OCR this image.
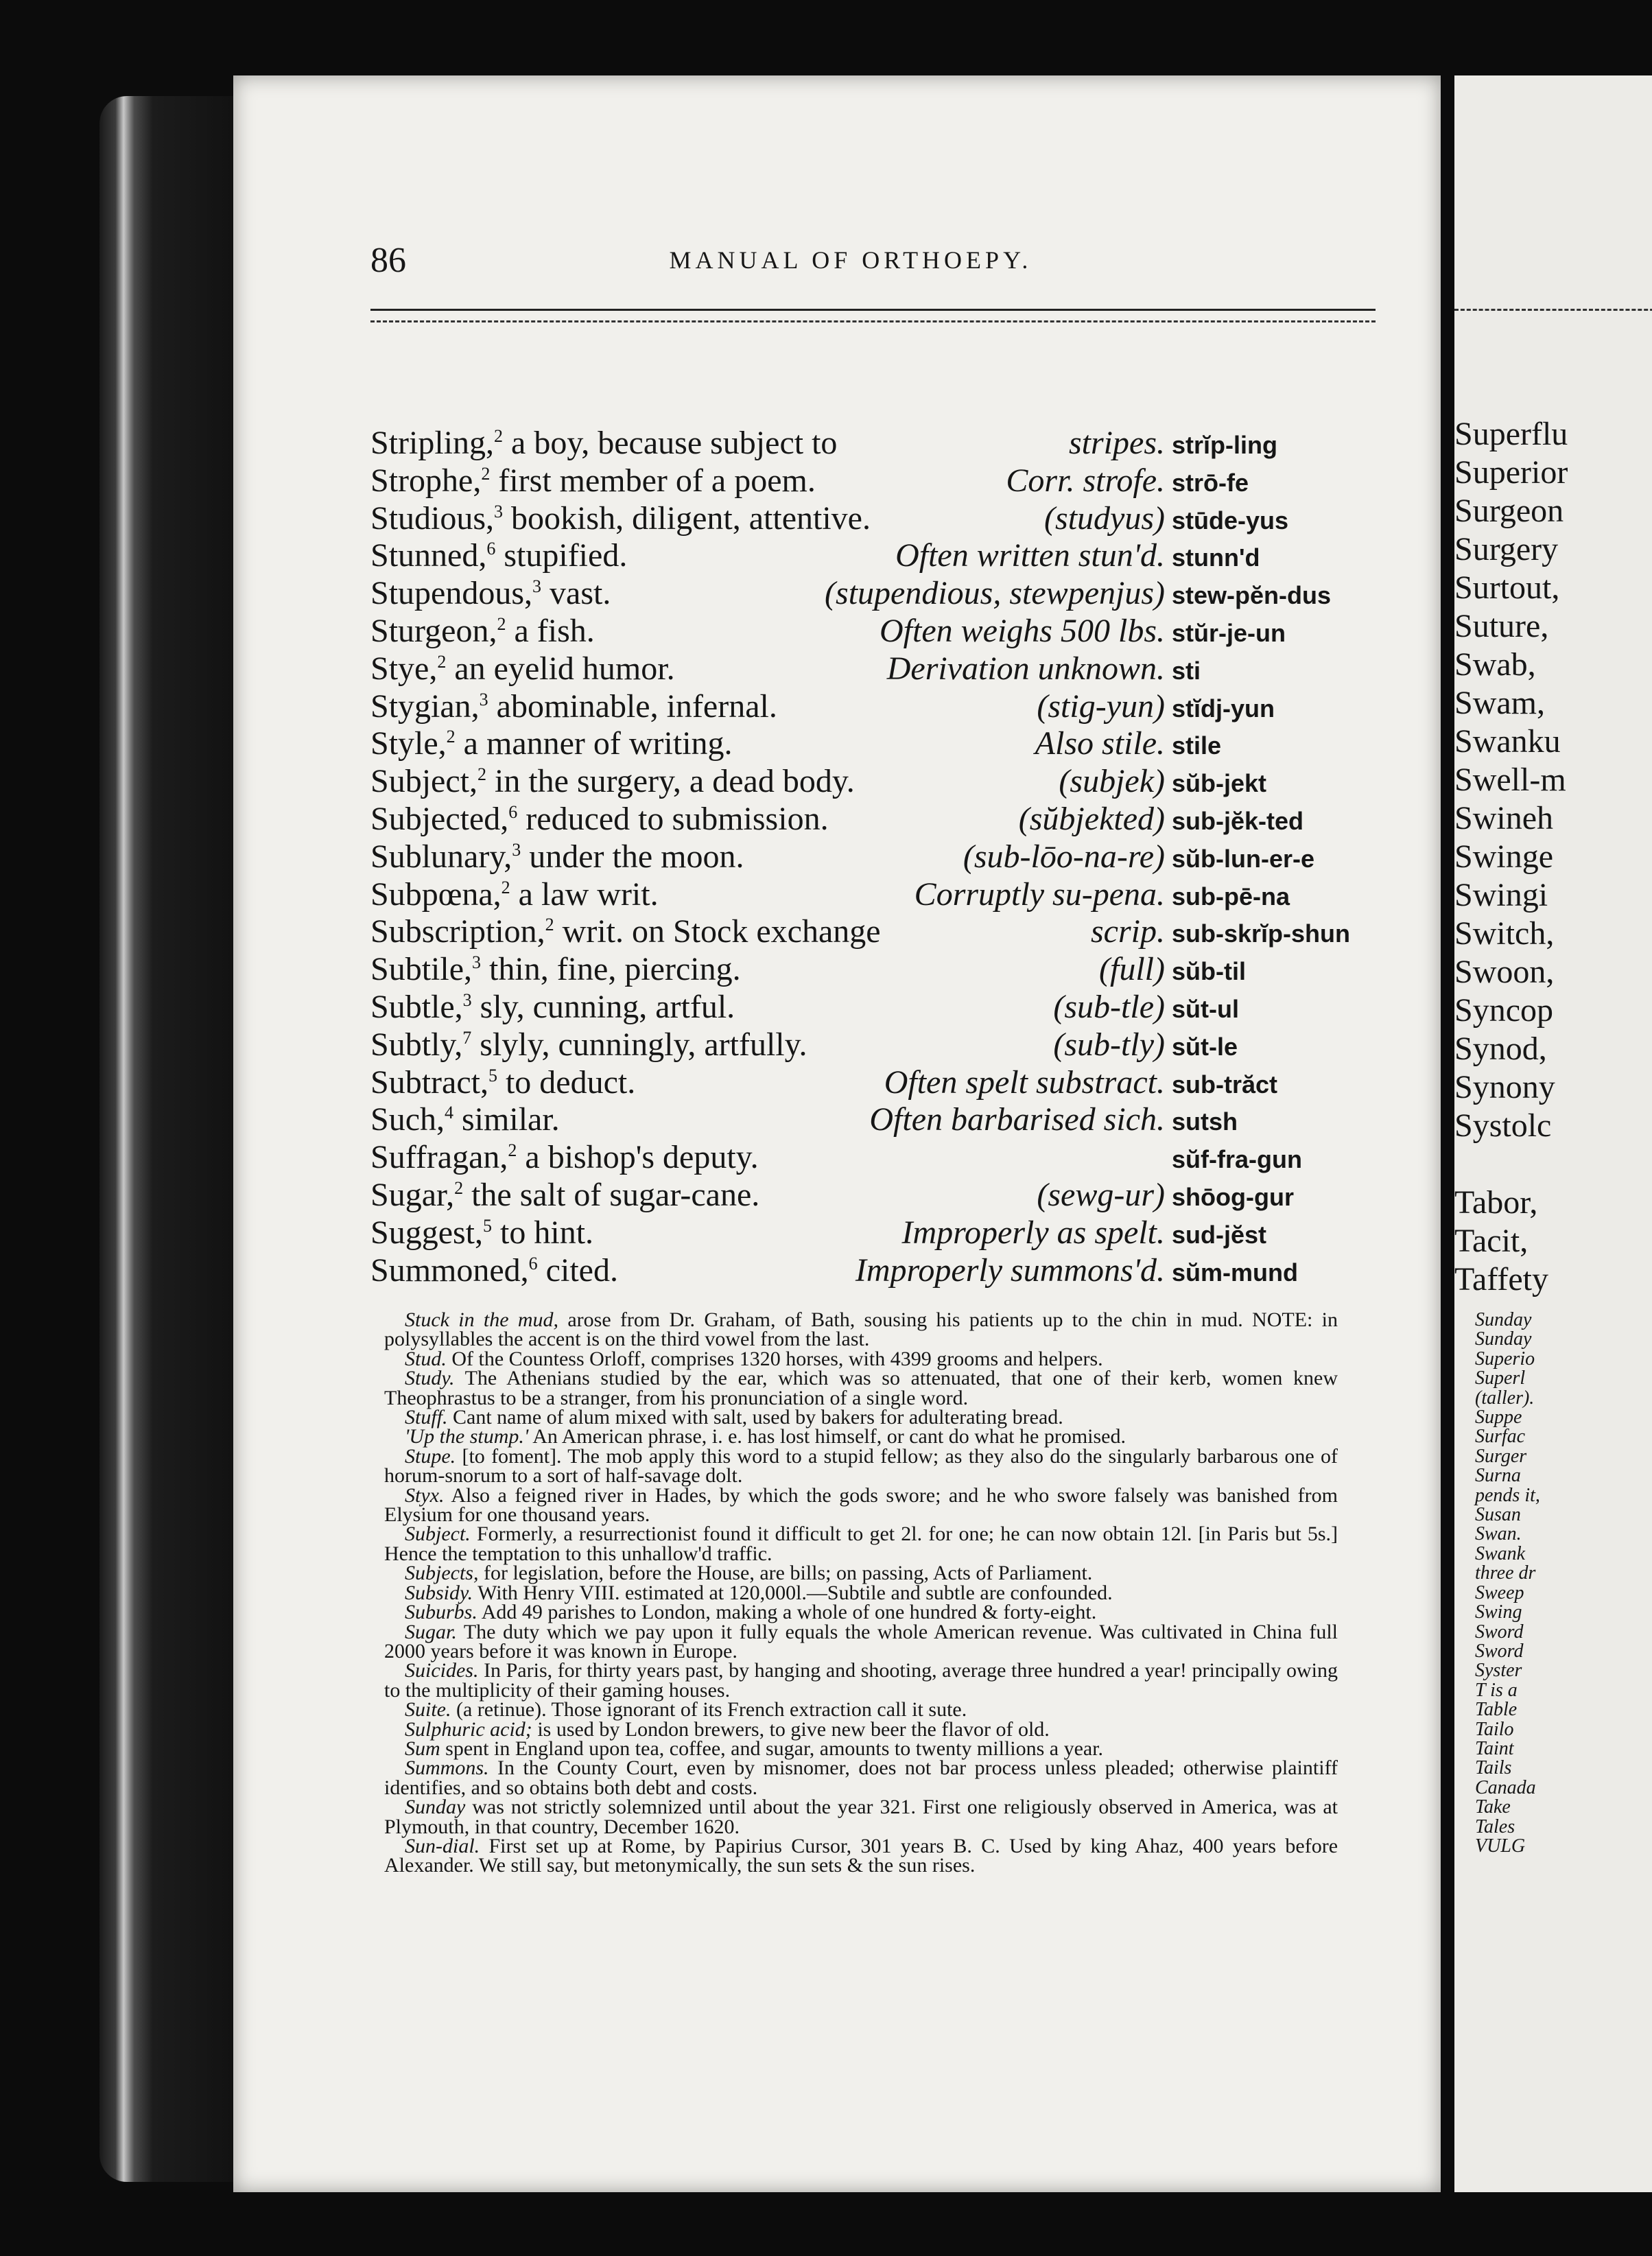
86	MANUAL OF ORTHOEPY.
Stripling,$^2$ a boy, because subject to	stripes. strĭp-ling
Strophe,$^2$ first member of a poem.	Corr. strofe. strō-fe
Studious,$^3$ bookish, diligent, attentive.	(studyus) stūde-yus
Stunned,$^6$ stupified.	Often written stun'd. stunn'd
Stupendous,$^3$ vast.	(stupendious, stewpenjus) stew-pĕn-dus
Sturgeon,$^2$ a fish.	Often weighs 500 lbs. stŭr-je-un
Stye,$^2$ an eyelid humor.	Derivation unknown. sti
Stygian,$^3$ abominable, infernal.	(stig-yun) stĭdj-yun
Style,$^2$ a manner of writing.	Also stile. stile
Subject,$^2$ in the surgery, a dead body.	(subjek) sŭb-jekt
Subjected,$^6$ reduced to submission.	(sŭbjekted) sub-jĕk-ted
Sublunary,$^3$ under the moon.	(sub-lōo-na-re) sŭb-lun-er-e
Subpœna,$^2$ a law writ.	Corruptly su-pena. sub-pē-na
Subscription,$^2$ writ. on Stock exchange	scrip. sub-skrĭp-shun
Subtile,$^3$ thin, fine, piercing.	(full) sŭb-til
Subtle,$^3$ sly, cunning, artful.	(sub-tle) sŭt-ul
Subtly,$^7$ slyly, cunningly, artfully.	(sub-tly) sŭt-le
Subtract,$^5$ to deduct.	Often spelt substract. sub-trăct
Such,$^4$ similar.	Often barbarised sich. sutsh
Suffragan,$^2$ a bishop's deputy.	sŭf-fra-gun
Sugar,$^2$ the salt of sugar-cane.	(sewg-ur) shōog-gur
Suggest,$^5$ to hint.	Improperly as spelt. sud-jĕst
Summoned,$^6$ cited.	Improperly summons'd. sŭm-mund

Stuck in the mud, arose from Dr. Graham, of Bath, sousing his patients up to the chin in mud. NOTE: in polysyllables the accent is on the third vowel from the last.

Stud. Of the Countess Orloff, comprises 1320 horses, with 4399 grooms and helpers.

Study. The Athenians studied by the ear, which was so attenuated, that one of their kerb, women knew Theophrastus to be a stranger, from his pronunciation of a single word.

Stuff. Cant name of alum mixed with salt, used by bakers for adulterating bread.

'Up the stump.' An American phrase, i. e. has lost himself, or cant do what he promised.

Stupe. [to foment]. The mob apply this word to a stupid fellow; as they also do the singularly barbarous one of horum-snorum to a sort of half-savage dolt.

Styx. Also a feigned river in Hades, by which the gods swore; and he who swore falsely was banished from Elysium for one thousand years.

Subject. Formerly, a resurrectionist found it difficult to get 2l. for one; he can now obtain 12l. [in Paris but 5s.] Hence the temptation to this unhallow'd traffic.

Subjects, for legislation, before the House, are bills; on passing, Acts of Parliament.

Subsidy. With Henry VIII. estimated at 120,000l.—Subtile and subtle are confounded.

Suburbs. Add 49 parishes to London, making a whole of one hundred & forty-eight.

Sugar. The duty which we pay upon it fully equals the whole American revenue. Was cultivated in China full 2000 years before it was known in Europe.

Suicides. In Paris, for thirty years past, by hanging and shooting, average three hundred a year! principally owing to the multiplicity of their gaming houses.

Suite. (a retinue). Those ignorant of its French extraction call it sute.

Sulphuric acid; is used by London brewers, to give new beer the flavor of old.

Sum spent in England upon tea, coffee, and sugar, amounts to twenty millions a year.

Summons. In the County Court, even by misnomer, does not bar process unless pleaded; otherwise plaintiff identifies, and so obtains both debt and costs.

Sunday was not strictly solemnized until about the year 321. First one religiously observed in America, was at Plymouth, in that country, December 1620.

Sun-dial. First set up at Rome, by Papirius Cursor, 301 years B. C. Used by king Ahaz, 400 years before Alexander. We still say, but metonymically, the sun sets & the sun rises.

Superflu
Superior
Surgeon
Surgery
Surtout,
Suture,
Swab,
Swam,
Swanku
Swell-m
Swineh
Swinge
Swingi
Switch,
Swoon,
Syncop
Synod,
Synony
Systolc
Tabor,
Tacit,
Taffety
Sunday
Sunday
Superio
Superl
(taller).
Suppe
Surfac
Surger
Surna
pends it,
Susan
Swan.
Swank
three dr
Sweep
Swing
Sword
Sword
Syster
T is a
Table
Tailo
Taint
Tails
Canada
Take
Tales
VULG
